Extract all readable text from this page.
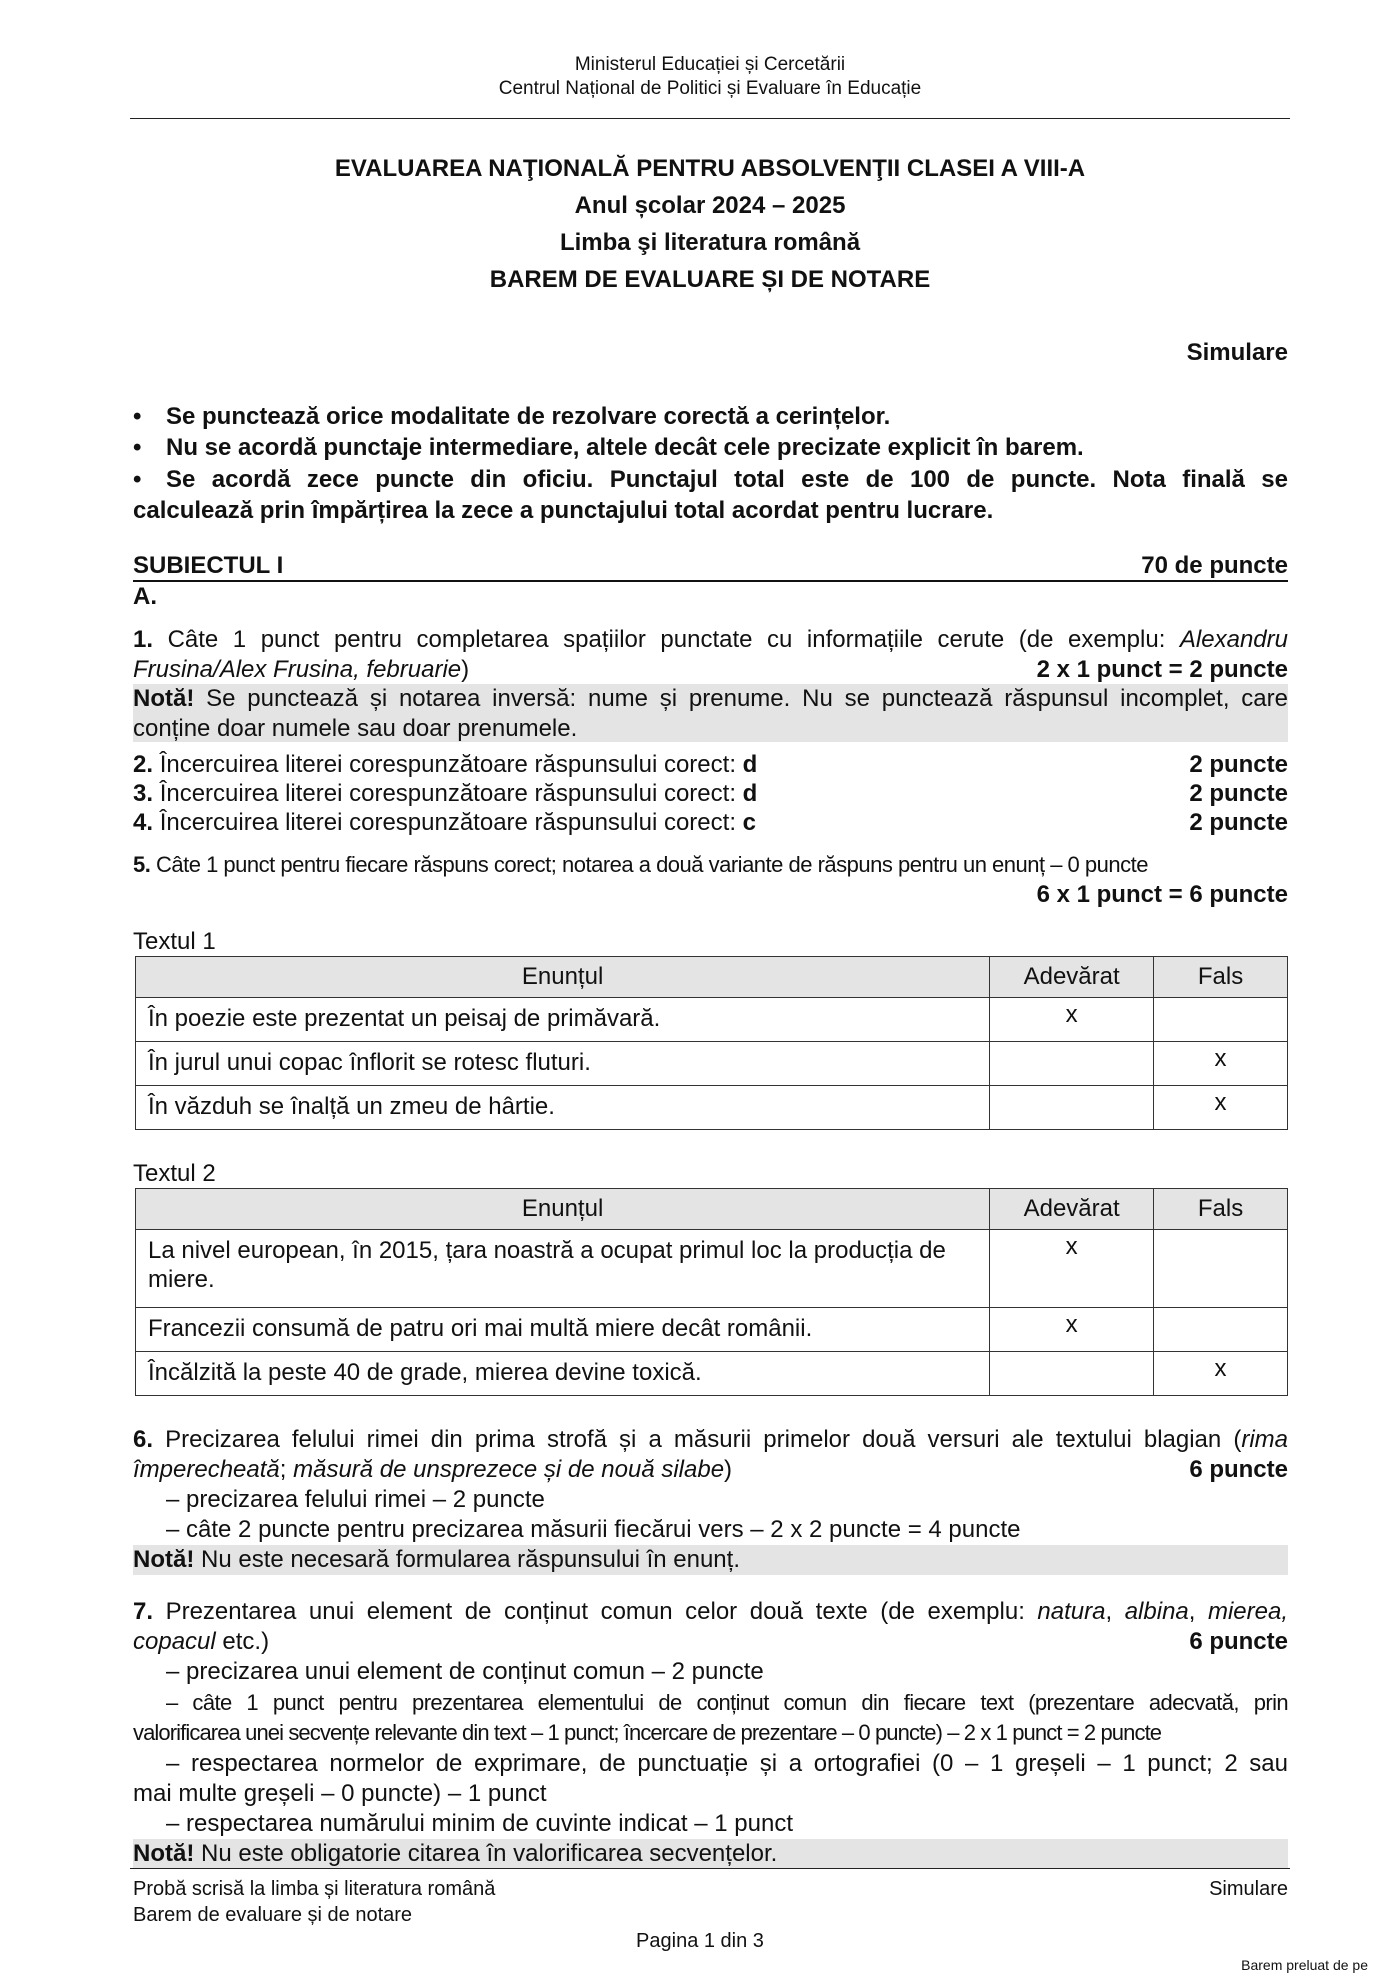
Ministerul Educației și Cercetării
Centrul Național de Politici și Evaluare în Educație
EVALUAREA NAŢIONALĂ PENTRU ABSOLVENŢII CLASEI A VIII-A
Anul școlar 2024 – 2025
Limba şi literatura română
BAREM DE EVALUARE ȘI DE NOTARE
Simulare
• Se punctează orice modalitate de rezolvare corectă a cerințelor.
• Nu se acordă punctaje intermediare, altele decât cele precizate explicit în barem.
• Se acordă zece puncte din oficiu. Punctajul total este de 100 de puncte. Nota finală se
calculează prin împărțirea la zece a punctajului total acordat pentru lucrare.
SUBIECTUL I	70 de puncte
A.
1. Câte 1 punct pentru completarea spațiilor punctate cu informațiile cerute (de exemplu: Alexandru
Frusina/Alex Frusina, februarie)	2 x 1 punct = 2 puncte
Notă! Se punctează și notarea inversă: nume și prenume. Nu se punctează răspunsul incomplet, care
conține doar numele sau doar prenumele.
2. Încercuirea literei corespunzătoare răspunsului corect: d	2 puncte
3. Încercuirea literei corespunzătoare răspunsului corect: d	2 puncte
4. Încercuirea literei corespunzătoare răspunsului corect: c	2 puncte
5. Câte 1 punct pentru fiecare răspuns corect; notarea a două variante de răspuns pentru un enunț – 0 puncte
6 x 1 punct = 6 puncte
Textul 1
Enunțul	Adevărat	Fals
În poezie este prezentat un peisaj de primăvară.	x	
În jurul unui copac înflorit se rotesc fluturi.		x
În văzduh se înalță un zmeu de hârtie.		x
Textul 2
Enunțul	Adevărat	Fals
La nivel european, în 2015, țara noastră a ocupat primul loc la producția de miere.	x	
Francezii consumă de patru ori mai multă miere decât românii.	x	
Încălzită la peste 40 de grade, mierea devine toxică.		x
6. Precizarea felului rimei din prima strofă și a măsurii primelor două versuri ale textului blagian (rima
împerecheată; măsură de unsprezece și de nouă silabe)	6 puncte
– precizarea felului rimei – 2 puncte
– câte 2 puncte pentru precizarea măsurii fiecărui vers – 2 x 2 puncte = 4 puncte
Notă! Nu este necesară formularea răspunsului în enunț.
7. Prezentarea unui element de conținut comun celor două texte (de exemplu: natura, albina, mierea,
copacul etc.)	6 puncte
– precizarea unui element de conținut comun – 2 puncte
– câte 1 punct pentru prezentarea elementului de conținut comun din fiecare text (prezentare adecvată, prin
valorificarea unei secvențe relevante din text – 1 punct; încercare de prezentare – 0 puncte) – 2 x 1 punct = 2 puncte
– respectarea normelor de exprimare, de punctuație și a ortografiei (0 – 1 greșeli – 1 punct; 2 sau
mai multe greșeli – 0 puncte) – 1 punct
– respectarea numărului minim de cuvinte indicat – 1 punct
Notă! Nu este obligatorie citarea în valorificarea secvențelor.
Probă scrisă la limba și literatura română
Barem de evaluare și de notare
Simulare
Pagina 1 din 3
Barem preluat de pe
